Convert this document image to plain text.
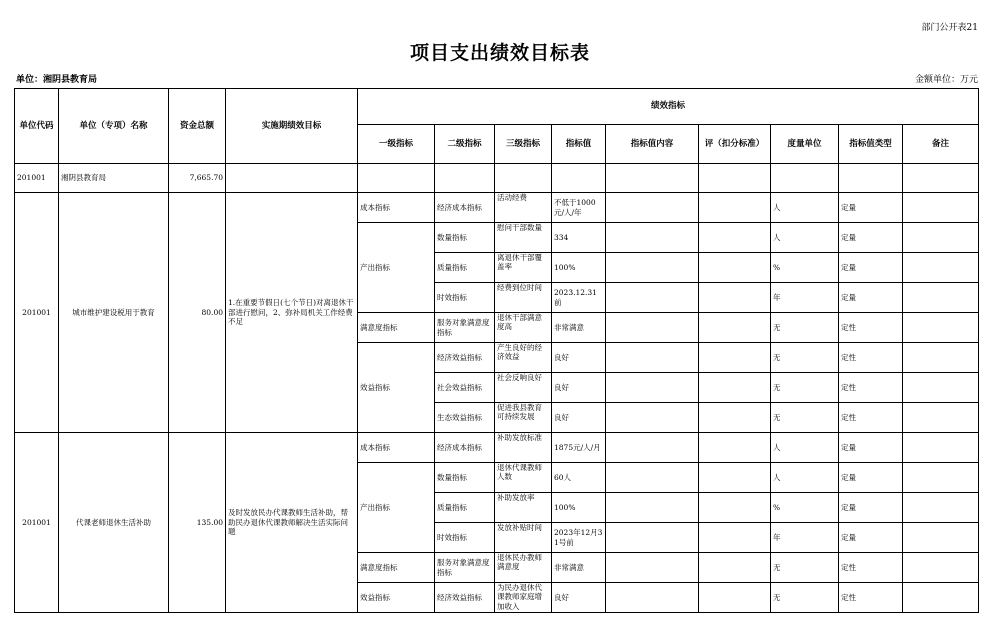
部门公开表21
项目支出绩效目标表
单位：湘阴县教育局	金额单位：万元
单位代码	单位（专项）名称	资金总额	实施期绩效目标	绩效指标								
				一级指标	二级指标	三级指标	指标值	指标值内容	评（扣分标准）	度量单位	指标值类型	备注
201001	湘阴县教育局	7,665.70										
201001	城市维护建设税用于教育	80.00	1.在重要节假日(七个节日)对离退休干部进行慰问，2、弥补局机关工作经费不足	成本指标	经济成本指标	活动经费	不低于1000元/人/年			人	定量	
				产出指标	数量指标	慰问干部数量	334			人	定量	
					质量指标	离退休干部覆盖率	100%			%	定量	
					时效指标	经费到位时间	2023.12.31前			年	定量	
				满意度指标	服务对象满意度指标	退休干部满意度高	非常满意			无	定性	
				效益指标	经济效益指标	产生良好的经济效益	良好			无	定性	
					社会效益指标	社会反响良好	良好			无	定性	
					生态效益指标	促进我县教育可持续发展	良好			无	定性	
201001	代课老师退休生活补助	135.00	及时发放民办代课教师生活补助，帮助民办退休代课教师解决生活实际问题	成本指标	经济成本指标	补助发放标准	1875元/人/月			人	定量	
				产出指标	数量指标	退休代课教师人数	60人			人	定量	
					质量指标	补助发放率	100%			%	定量	
					时效指标	发放补贴时间	2023年12月31号前			年	定量	
				满意度指标	服务对象满意度指标	退休民办教师满意度	非常满意			无	定性	
				效益指标	经济效益指标	为民办退休代课教师家庭增加收入	良好			无	定性	
